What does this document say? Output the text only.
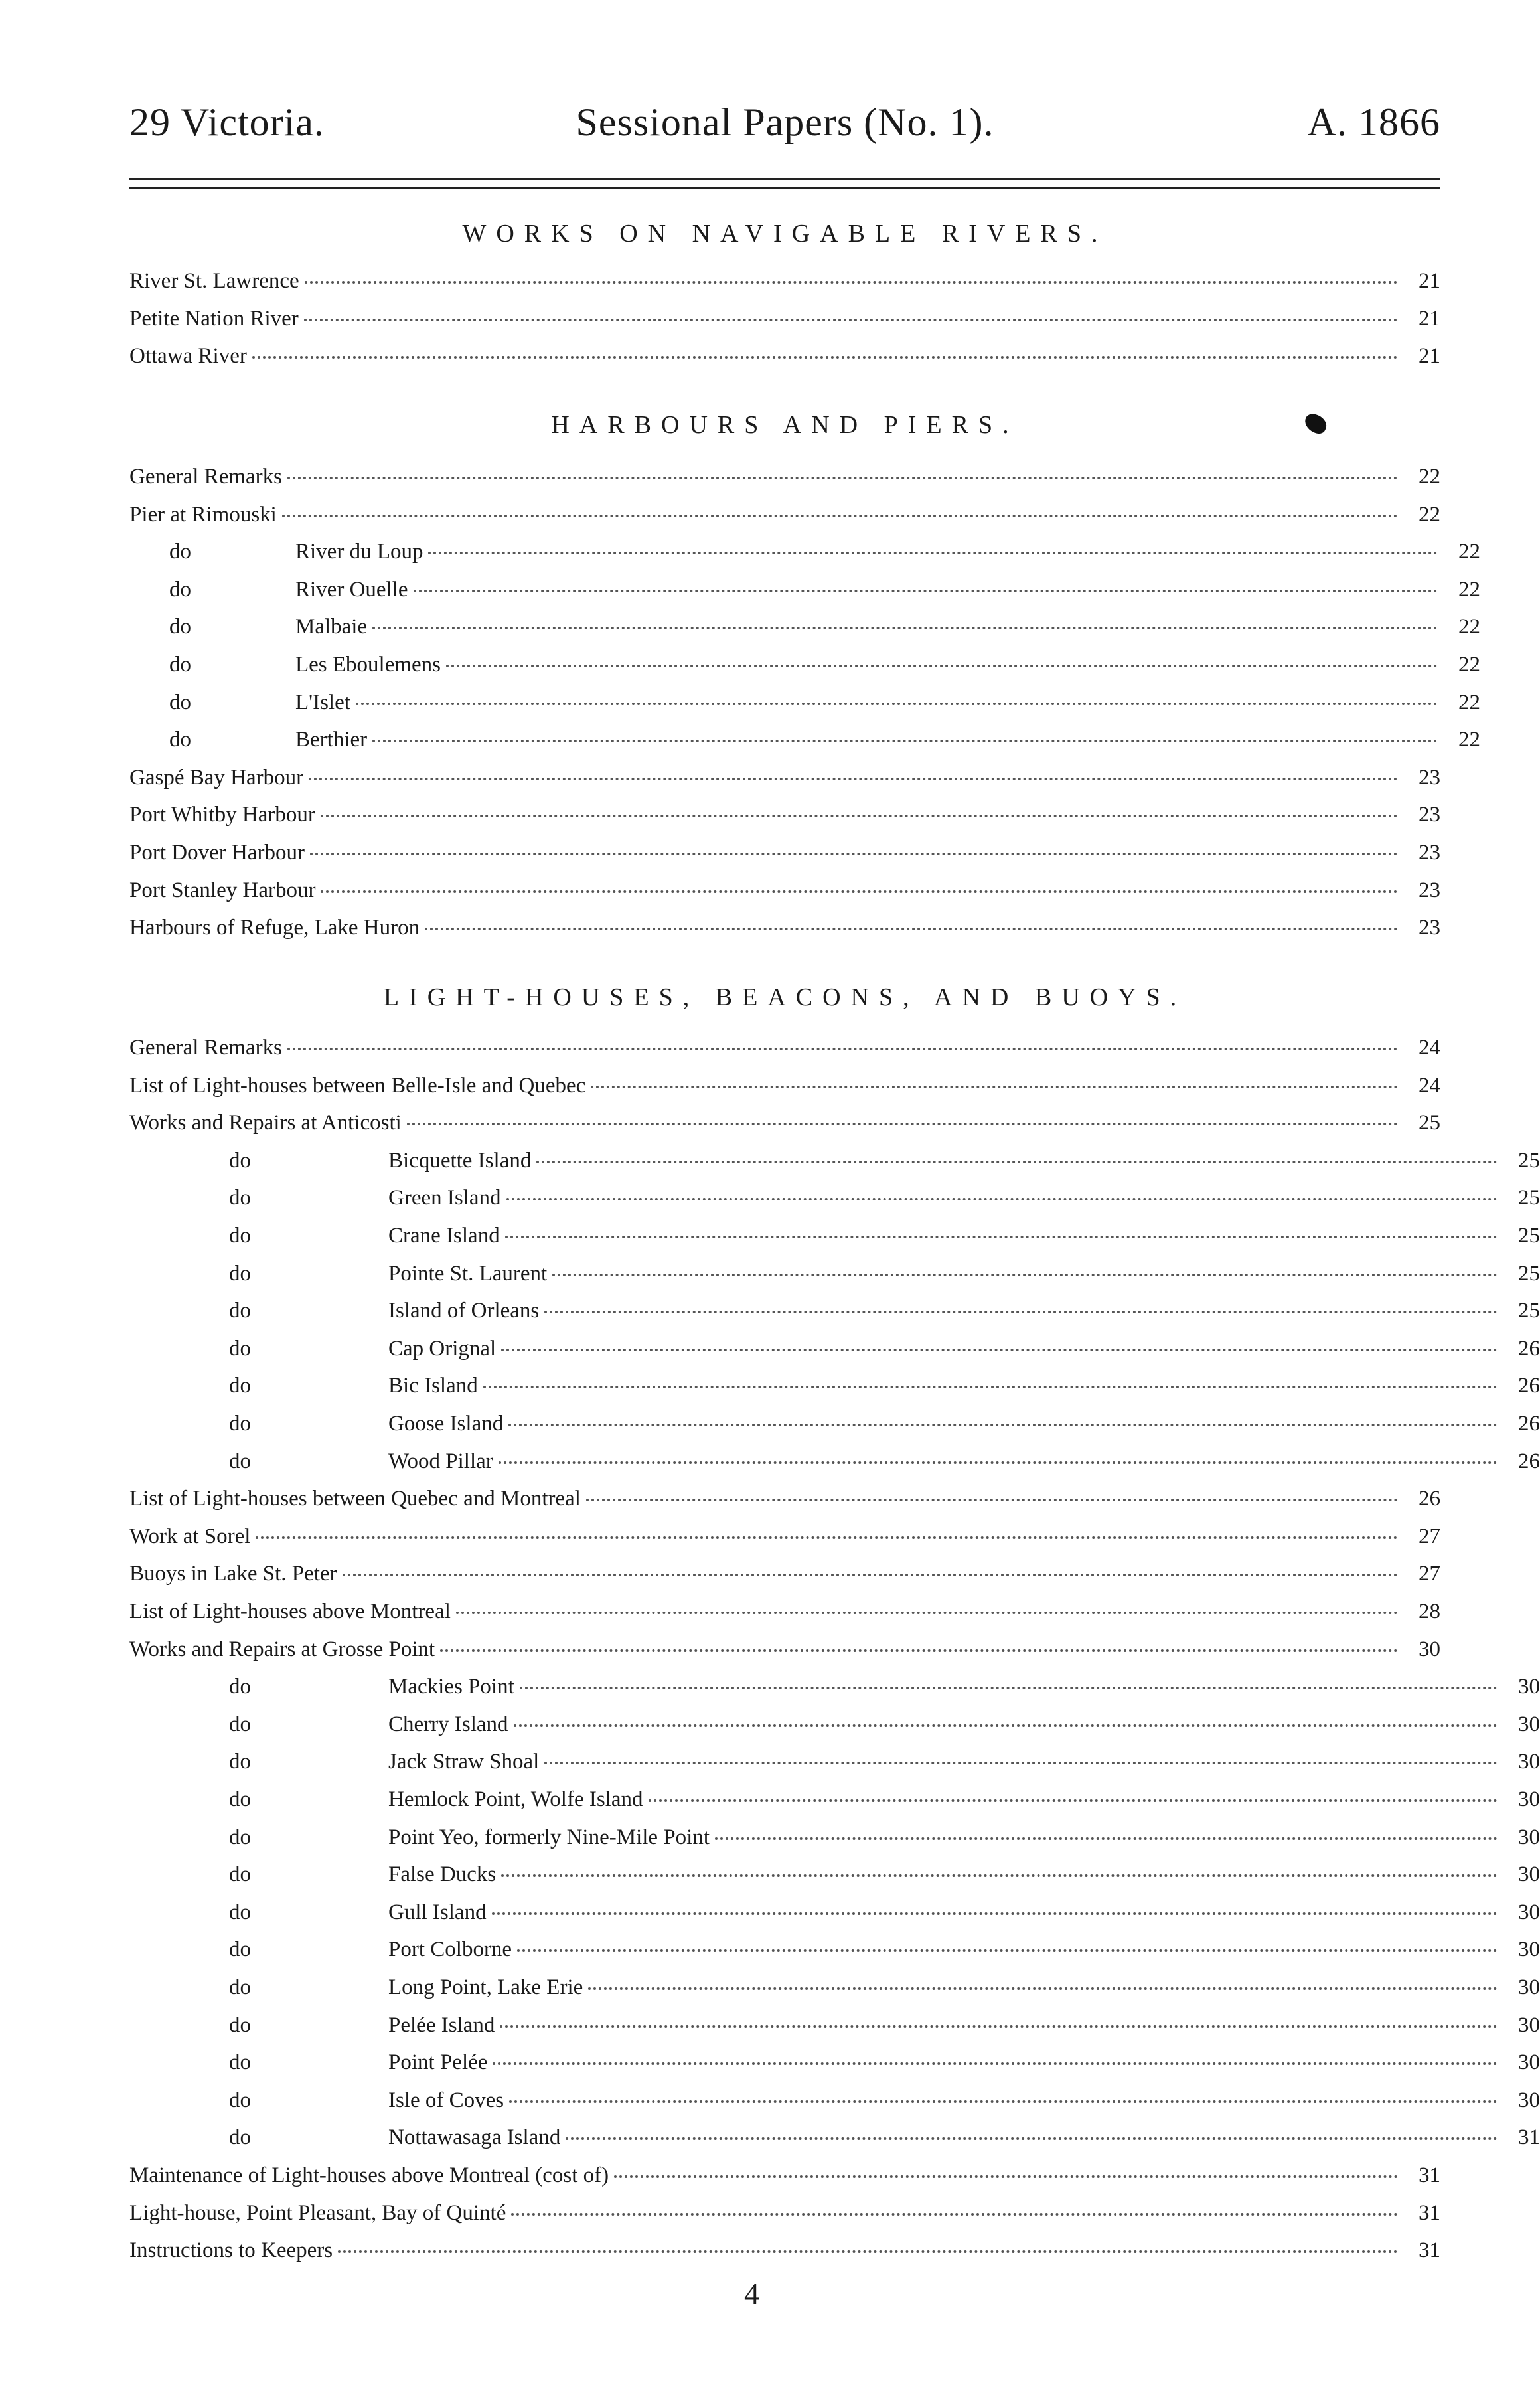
29 Victoria.	Sessional Papers (No. 1).	A. 1866
WORKS ON NAVIGABLE RIVERS.
River St. Lawrence	21
Petite Nation River	21
Ottawa River	21
HARBOURS AND PIERS.
General Remarks	22
Pier at Rimouski	22
do	River du Loup	22
do	River Ouelle	22
do	Malbaie	22
do	Les Eboulemens	22
do	L'Islet	22
do	Berthier	22
Gaspé Bay Harbour	23
Port Whitby Harbour	23
Port Dover Harbour	23
Port Stanley Harbour	23
Harbours of Refuge, Lake Huron	23
LIGHT-HOUSES, BEACONS, AND BUOYS.
General Remarks	24
List of Light-houses between Belle-Isle and Quebec	24
Works and Repairs at Anticosti	25
do	Bicquette Island	25
do	Green Island	25
do	Crane Island	25
do	Pointe St. Laurent	25
do	Island of Orleans	25
do	Cap Orignal	26
do	Bic Island	26
do	Goose Island	26
do	Wood Pillar	26
List of Light-houses between Quebec and Montreal	26
Work at Sorel	27
Buoys in Lake St. Peter	27
List of Light-houses above Montreal	28
Works and Repairs at Grosse Point	30
do	Mackies Point	30
do	Cherry Island	30
do	Jack Straw Shoal	30
do	Hemlock Point, Wolfe Island	30
do	Point Yeo, formerly Nine-Mile Point	30
do	False Ducks	30
do	Gull Island	30
do	Port Colborne	30
do	Long Point, Lake Erie	30
do	Pelée Island	30
do	Point Pelée	30
do	Isle of Coves	30
do	Nottawasaga Island	31
Maintenance of Light-houses above Montreal (cost of)	31
Light-house, Point Pleasant, Bay of Quinté	31
Instructions to Keepers	31
4
